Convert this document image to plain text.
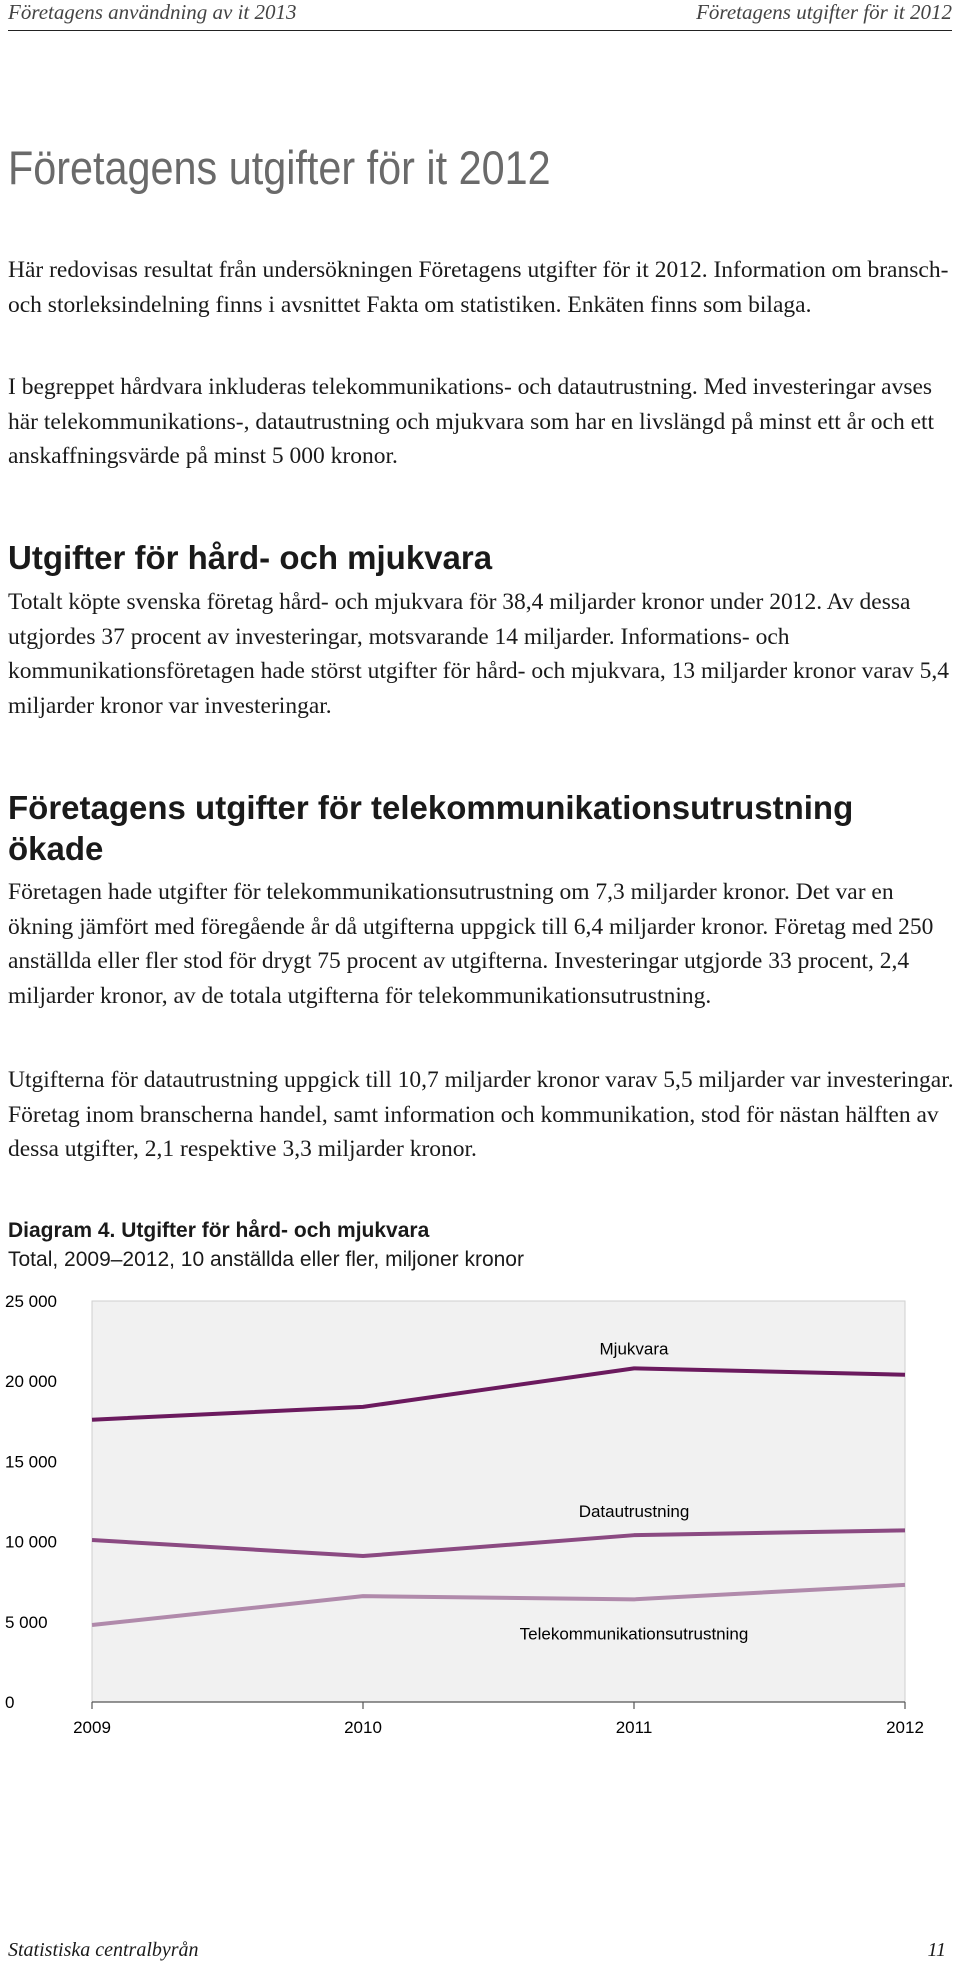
Företagens användning av it 2013	Företagens utgifter för it 2012
Företagens utgifter för it 2012

Här redovisas resultat från undersökningen Företagens utgifter för it 2012. Information om bransch- och storleksindelning finns i avsnittet Fakta om statistiken. Enkäten finns som bilaga.

I begreppet hårdvara inkluderas telekommunikations- och datautrustning. Med investeringar avses här telekommunikations-, datautrustning och mjukvara som har en livslängd på minst ett år och ett anskaffningsvärde på minst 5 000 kronor.

Utgifter för hård- och mjukvara

Totalt köpte svenska företag hård- och mjukvara för 38,4 miljarder kronor under 2012. Av dessa utgjordes 37 procent av investeringar, motsvarande 14 miljarder. Informations- och kommunikationsföretagen hade störst utgifter för hård- och mjukvara, 13 miljarder kronor varav 5,4 miljarder kronor var investeringar.

Företagens utgifter för telekommunikationsutrustning ökade

Företagen hade utgifter för telekommunikationsutrustning om 7,3 miljarder kronor. Det var en ökning jämfört med föregående år då utgifterna uppgick till 6,4 miljarder kronor. Företag med 250 anställda eller fler stod för drygt 75 procent av utgifterna. Investeringar utgjorde 33 procent, 2,4 miljarder kronor, av de totala utgifterna för telekommunikationsutrustning.

Utgifterna för datautrustning uppgick till 10,7 miljarder kronor varav 5,5 miljarder var investeringar. Företag inom branscherna handel, samt information och kommunikation, stod för nästan hälften av dessa utgifter, 2,1 respektive 3,3 miljarder kronor.

Diagram 4. Utgifter för hård- och mjukvara

Total, 2009–2012, 10 anställda eller fler, miljoner kronor

0
5 000
10 000
15 000
20 000
25 000
2009	2010	2011	2012
Mjukvara
Datautrustning
Telekommunikationsutrustning
Statistiska centralbyrån	11
